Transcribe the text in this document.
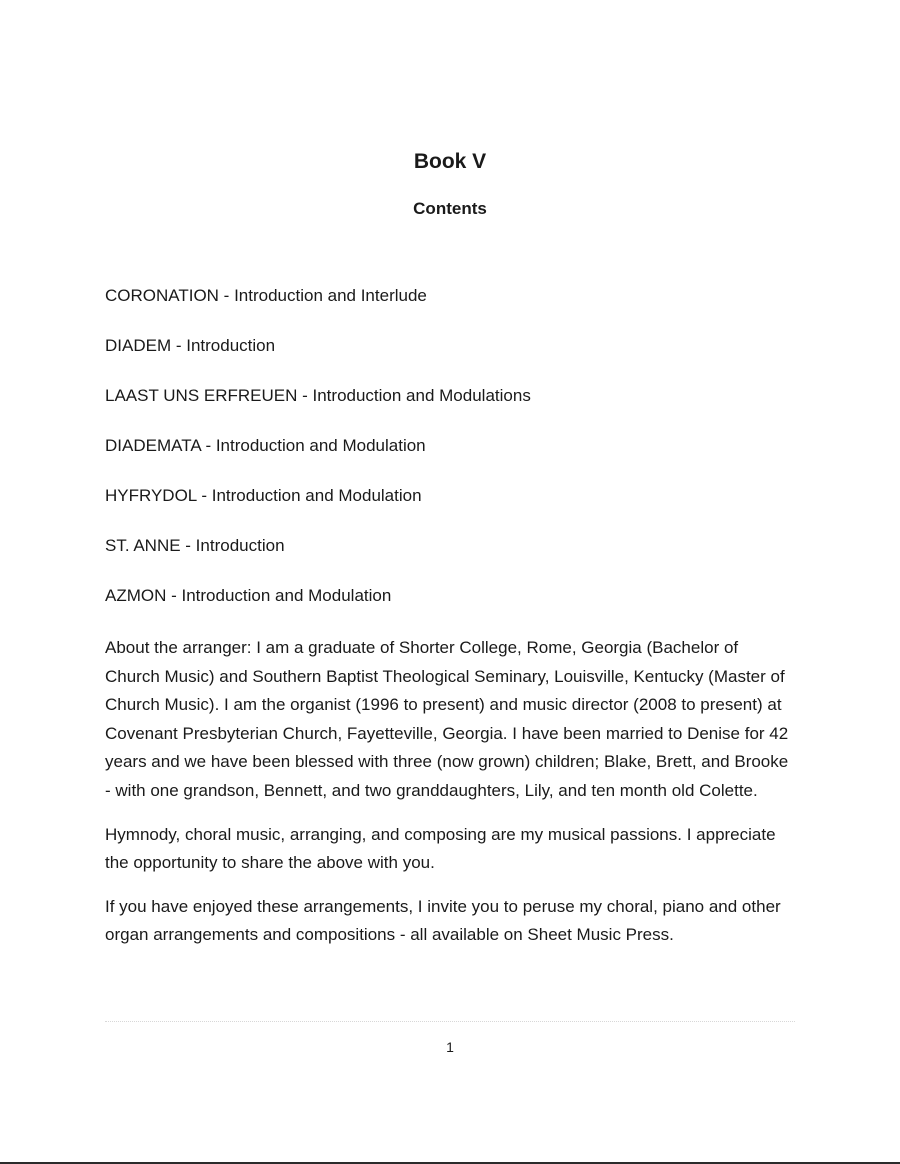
Book V
Contents
CORONATION - Introduction and Interlude
DIADEM - Introduction
LAAST UNS ERFREUEN - Introduction and Modulations
DIADEMATA - Introduction and Modulation
HYFRYDOL - Introduction and Modulation
ST. ANNE - Introduction
AZMON - Introduction and Modulation

About the arranger: I am a graduate of Shorter College, Rome, Georgia (Bachelor of Church Music) and Southern Baptist Theological Seminary, Louisville, Kentucky (Master of Church Music). I am the organist (1996 to present) and music director (2008 to present) at Covenant Presbyterian Church, Fayetteville, Georgia. I have been married to Denise for 42 years and we have been blessed with three (now grown) children; Blake, Brett, and Brooke - with one grandson, Bennett, and two granddaughters, Lily, and ten month old Colette.

Hymnody, choral music, arranging, and composing are my musical passions. I appreciate the opportunity to share the above with you.

If you have enjoyed these arrangements, I invite you to peruse my choral, piano and other organ arrangements and compositions - all available on Sheet Music Press.

1
